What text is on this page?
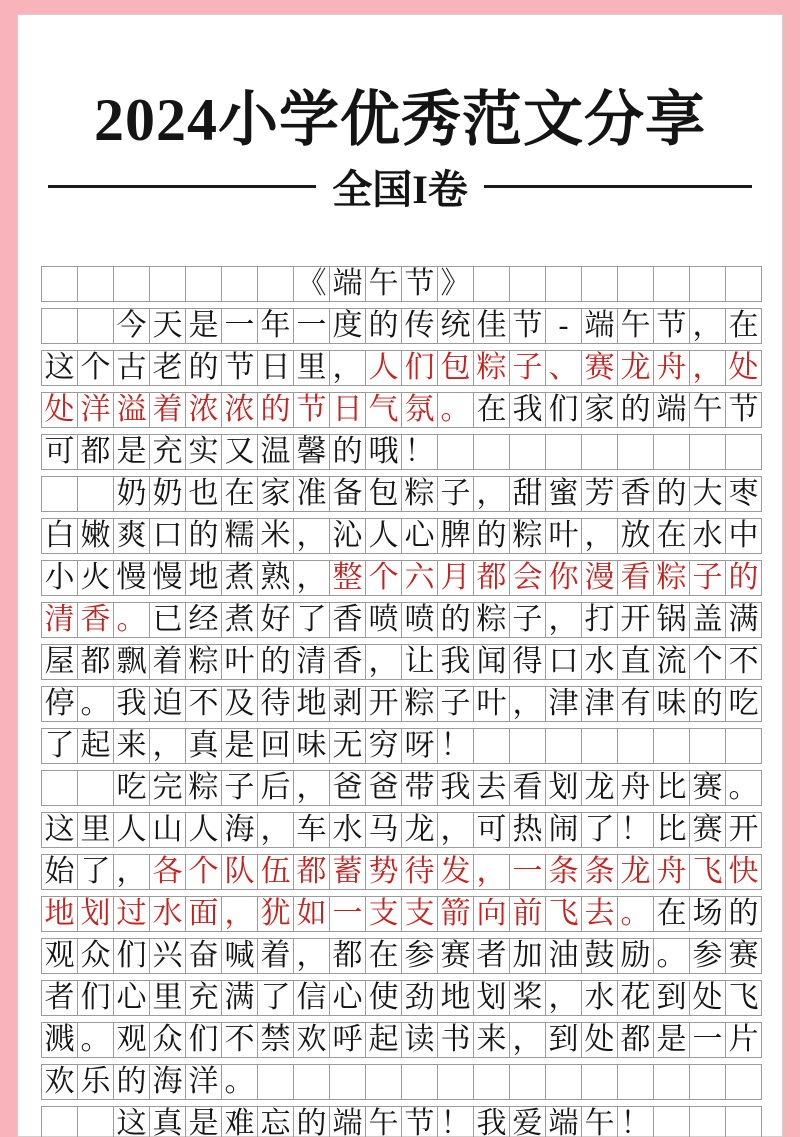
2024小学优秀范文分享
全国I卷
《 端 午 节 》
今 天 是 一 年 一 度 的 传 统 佳 节 - 端 午 节 ， 在
这 个 古 老 的 节 日 里 ， 人 们 包 粽 子 、 赛 龙 舟 ， 处
处 洋 溢 着 浓 浓 的 节 日 气 氛 。 在 我 们 家 的 端 午 节
可 都 是 充 实 又 温 馨 的 哦 ！
奶 奶 也 在 家 准 备 包 粽 子 ， 甜 蜜 芳 香 的 大 枣
白 嫩 爽 口 的 糯 米 ， 沁 人 心 脾 的 粽 叶 ， 放 在 水 中
小 火 慢 慢 地 煮 熟 ， 整 个 六 月 都 会 你 漫 看 粽 子 的
清 香 。 已 经 煮 好 了 香 喷 喷 的 粽 子 ， 打 开 锅 盖 满
屋 都 飘 着 粽 叶 的 清 香 ， 让 我 闻 得 口 水 直 流 个 不
停 。 我 迫 不 及 待 地 剥 开 粽 子 叶 ， 津 津 有 味 的 吃
了 起 来 ， 真 是 回 味 无 穷 呀 ！
吃 完 粽 子 后 ， 爸 爸 带 我 去 看 划 龙 舟 比 赛 。
这 里 人 山 人 海 ， 车 水 马 龙 ， 可 热 闹 了 ！ 比 赛 开
始 了 ， 各 个 队 伍 都 蓄 势 待 发 ， 一 条 条 龙 舟 飞 快
地 划 过 水 面 ， 犹 如 一 支 支 箭 向 前 飞 去 。 在 场 的
观 众 们 兴 奋 喊 着 ， 都 在 参 赛 者 加 油 鼓 励 。 参 赛
者 们 心 里 充 满 了 信 心 使 劲 地 划 桨 ， 水 花 到 处 飞
溅 。 观 众 们 不 禁 欢 呼 起 读 书 来 ， 到 处 都 是 一 片
欢 乐 的 海 洋 。
这 真 是 难 忘 的 端 午 节 ！ 我 爱 端 午 ！
